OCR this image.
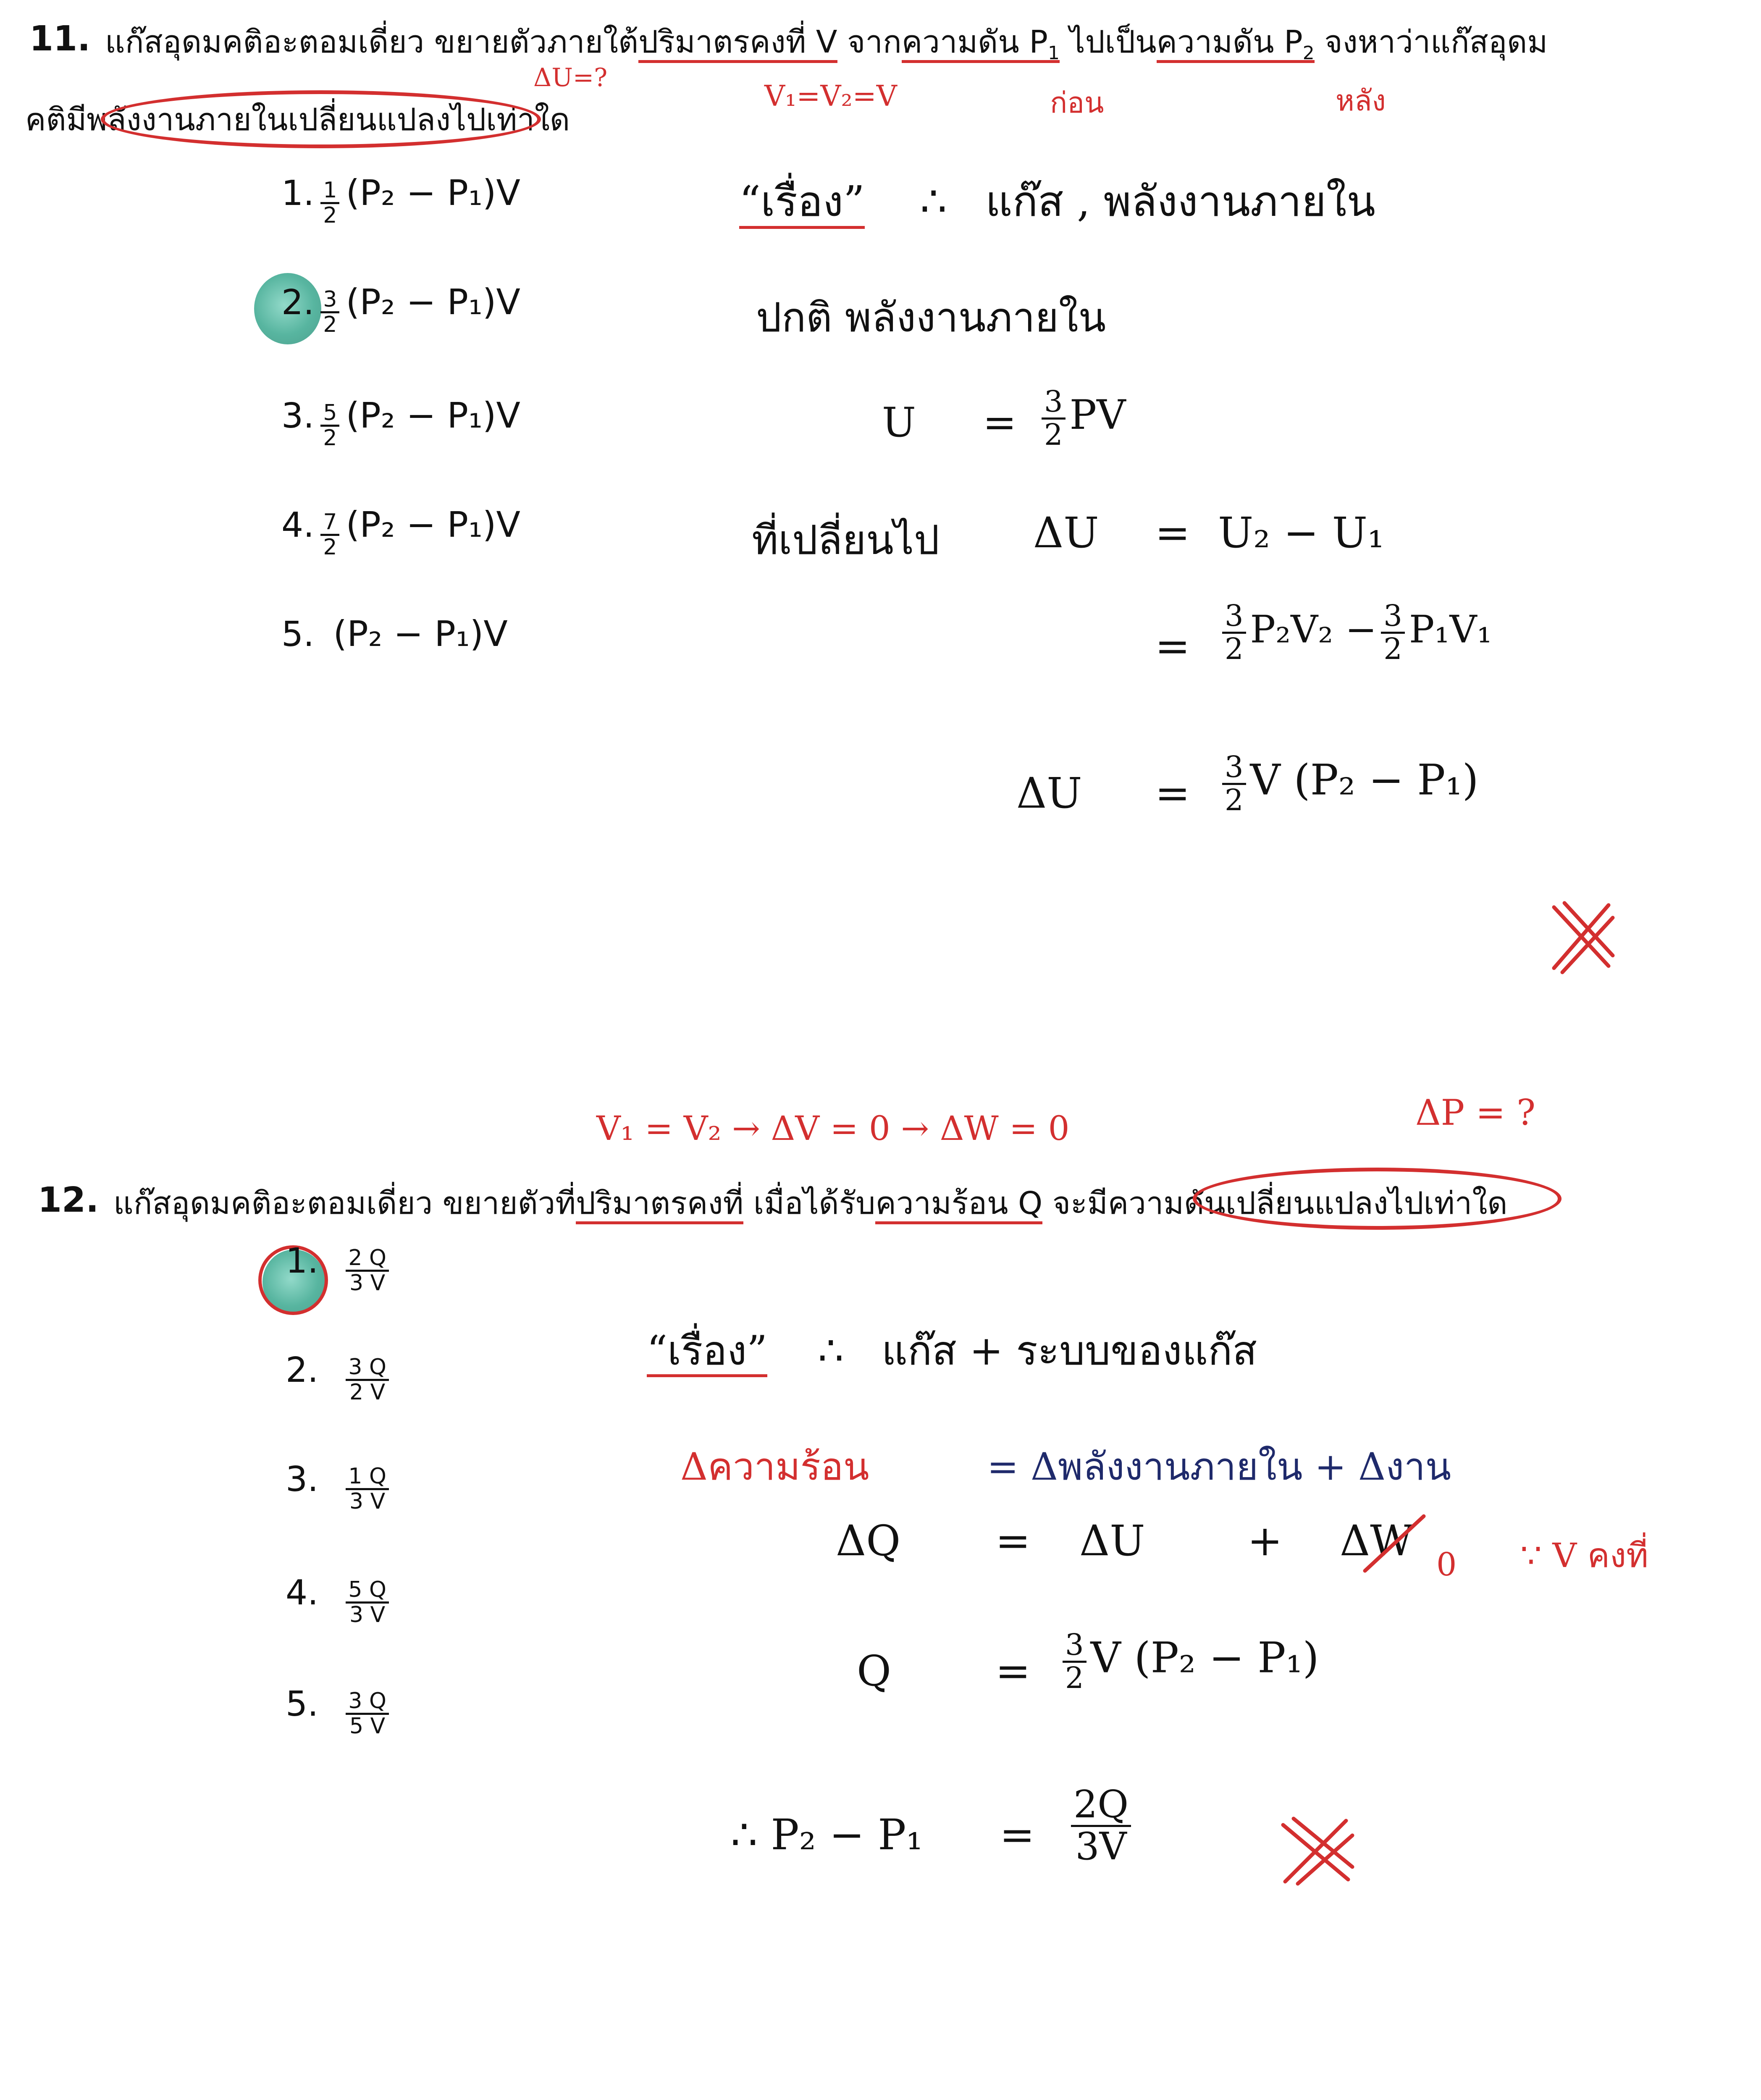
11. แก๊สอุดมคติอะตอมเดี่ยว ขยายตัวภายใต้ปริมาตรคงที่ V จากความดัน $P_1$ ไปเป็นความดัน $P_2$ จงหาว่าแก๊สอุดม
ΔU=?
V₁=V₂=V	ก่อน	หลัง
คติมีพลังงานภายในเปลี่ยนแปลงไปเท่าใด
1. $\frac{1}{2} (P_2 - P_1)V$
2. $\frac{3}{2} (P_2 - P_1)V$
3. $\frac{5}{2} (P_2 - P_1)V$
4. $\frac{7}{2} (P_2 - P_1)V$
5. (P₂ − P₁)V
“เรื่อง” ∴ แก๊ส , พลังงานภายใน
ปกติ พลังงานภายใน
$U = \frac{3}{2}$ PV
ที่เปลี่ยนไป ΔU = U₂ − U₁
= $\frac{3}{2} P_2V_2 - \frac{3}{2} P_1V_1$
$\Delta U = \frac{3}{2}$ V (P₂ − P₁)
V₁ = V₂ → ΔV = 0 → ΔW = 0	ΔP = ?
12. แก๊สอุดมคติอะตอมเดี่ยว ขยายตัวที่ปริมาตรคงที่ เมื่อได้รับความร้อน Q จะมีความดันเปลี่ยนแปลงไปเท่าใด
1. $\frac{2 Q}{3 V}$
2. $\frac{3 Q}{2 V}$
3. $\frac{1 Q}{3 V}$
4. $\frac{5 Q}{3 V}$
5. $\frac{3 Q}{5 V}$
“เรื่อง” ∴ แก๊ส + ระบบของแก๊ส
Δความร้อน	= Δพลังงานภายใน + Δงาน
ΔQ = ΔU + ΔW 0 ∵ V คงที่
$Q = \frac{3}{2}$ V (P₂ − P₁)
∴ $P_2 - P_1 = \frac{2Q}{3V}$
